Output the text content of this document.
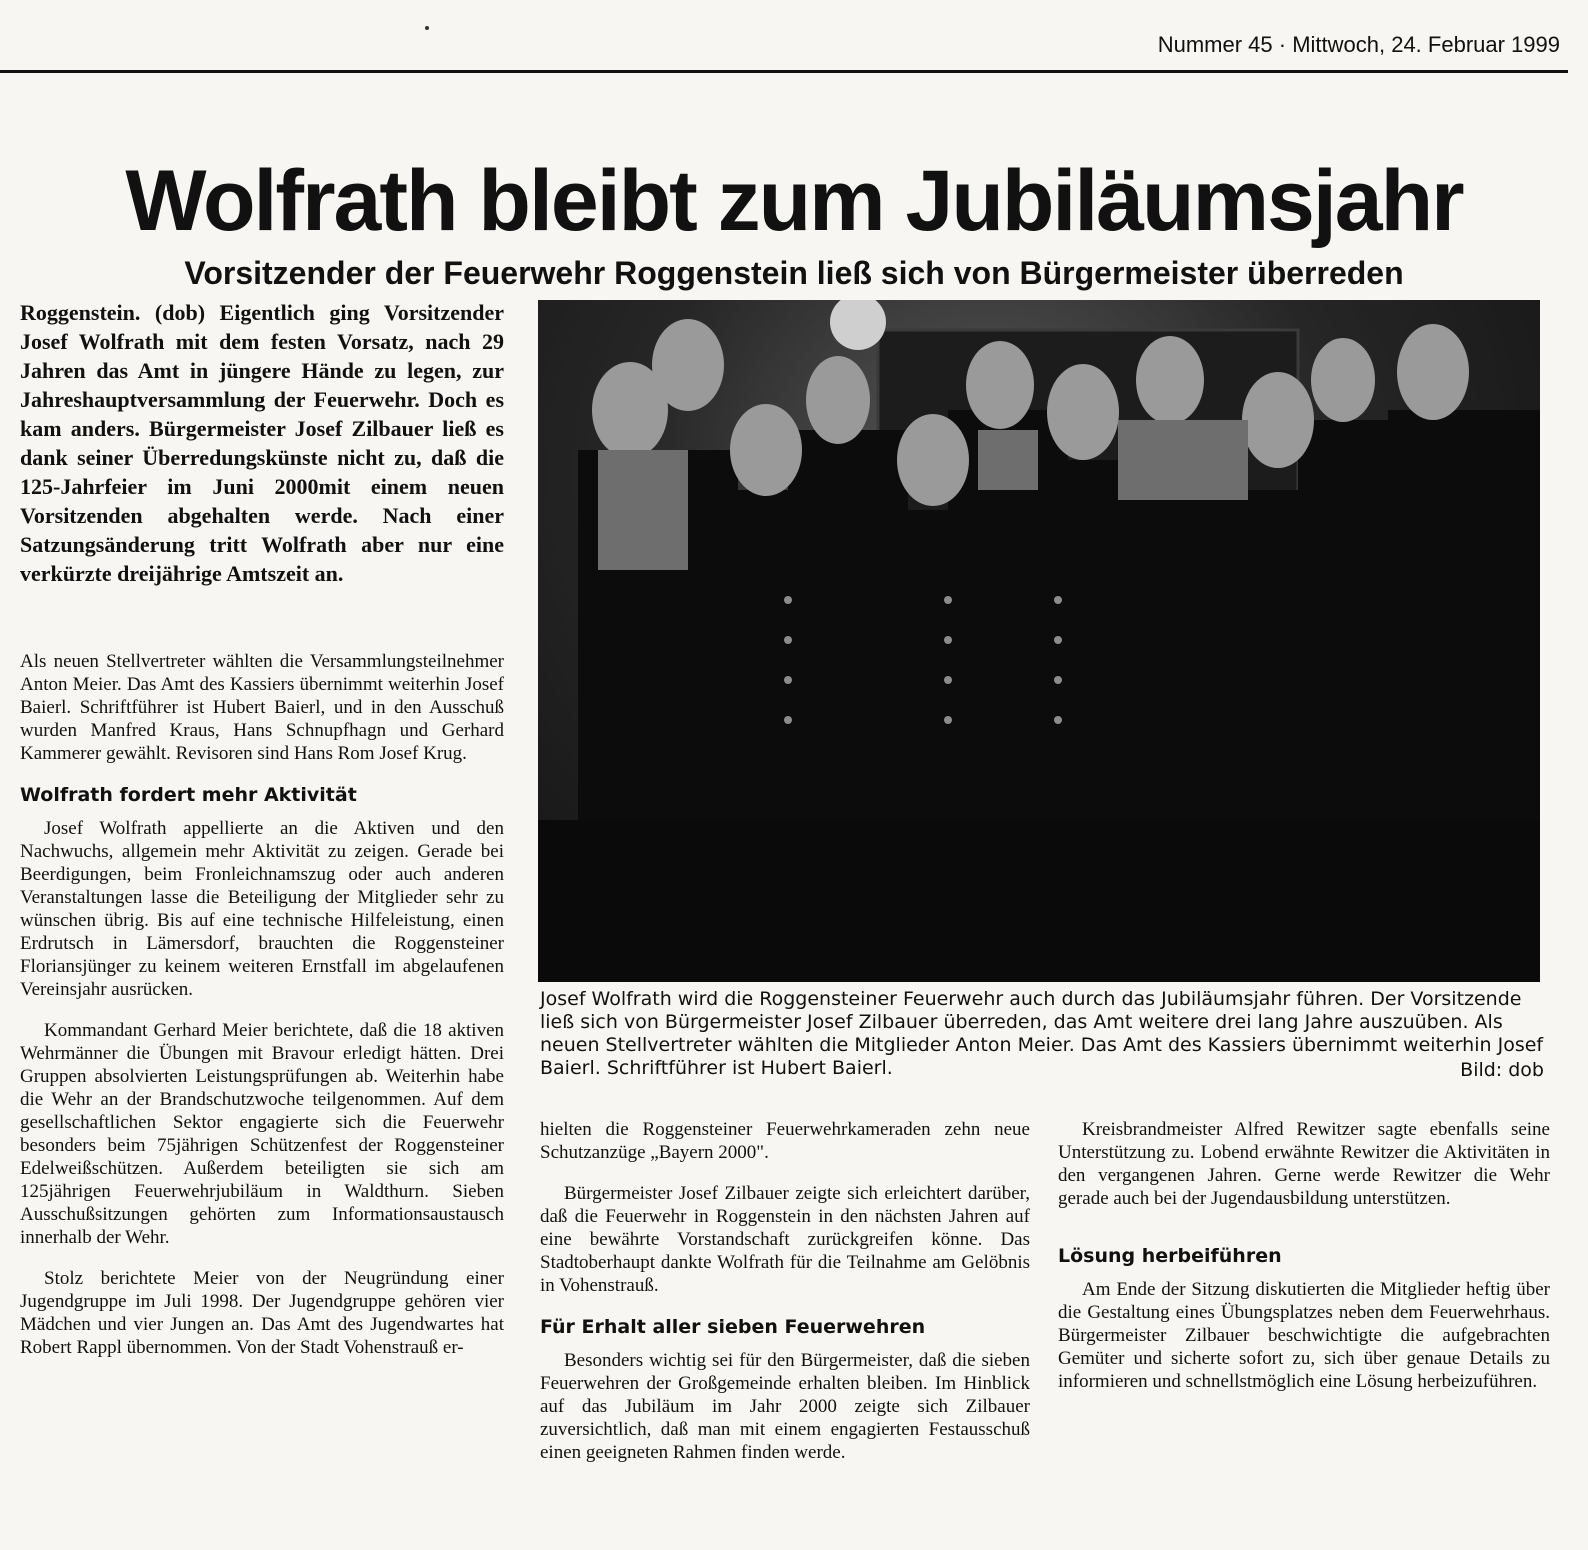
Nummer 45 · Mittwoch, 24. Februar 1999
Wolfrath bleibt zum Jubiläumsjahr
Vorsitzender der Feuerwehr Roggenstein ließ sich von Bürgermeister überreden

Roggenstein. (dob) Eigentlich ging Vorsitzender Josef Wolfrath mit dem festen Vorsatz, nach 29 Jahren das Amt in jüngere Hände zu legen, zur Jahreshauptversammlung der Feuerwehr. Doch es kam anders. Bürgermeister Josef Zilbauer ließ es dank seiner Überredungskünste nicht zu, daß die 125-Jahrfeier im Juni 2000mit einem neuen Vorsitzenden abgehalten werde. Nach einer Satzungsänderung tritt Wolfrath aber nur eine verkürzte dreijährige Amtszeit an.

Als neuen Stellvertreter wählten die Versammlungsteilnehmer Anton Meier. Das Amt des Kassiers übernimmt weiterhin Josef Baierl. Schriftführer ist Hubert Baierl, und in den Ausschuß wurden Manfred Kraus, Hans Schnupfhagn und Gerhard Kammerer gewählt. Revisoren sind Hans Rom Josef Krug.

Wolfrath fordert mehr Aktivität

Josef Wolfrath appellierte an die Aktiven und den Nachwuchs, allgemein mehr Aktivität zu zeigen. Gerade bei Beerdigungen, beim Fronleichnamszug oder auch anderen Veranstaltungen lasse die Beteiligung der Mitglieder sehr zu wünschen übrig. Bis auf eine technische Hilfeleistung, einen Erdrutsch in Lämersdorf, brauchten die Roggensteiner Floriansjünger zu keinem weiteren Ernstfall im abgelaufenen Vereinsjahr ausrücken.

Kommandant Gerhard Meier berichtete, daß die 18 aktiven Wehrmänner die Übungen mit Bravour erledigt hätten. Drei Gruppen absolvierten Leistungsprüfungen ab. Weiterhin habe die Wehr an der Brandschutzwoche teilgenommen. Auf dem gesellschaftlichen Sektor engagierte sich die Feuerwehr besonders beim 75jährigen Schützenfest der Roggensteiner Edelweißschützen. Außerdem beteiligten sie sich am 125jährigen Feuerwehrjubiläum in Waldthurn. Sieben Ausschußsitzungen gehörten zum Informationsaustausch innerhalb der Wehr.

Stolz berichtete Meier von der Neugründung einer Jugendgruppe im Juli 1998. Der Jugendgruppe gehören vier Mädchen und vier Jungen an. Das Amt des Jugendwartes hat Robert Rappl übernommen. Von der Stadt Vohenstrauß er-

Josef Wolfrath wird die Roggensteiner Feuerwehr auch durch das Jubiläumsjahr führen. Der Vorsitzende ließ sich von Bürgermeister Josef Zilbauer überreden, das Amt weitere drei lang Jahre auszuüben. Als neuen Stellvertreter wählten die Mitglieder Anton Meier. Das Amt des Kassiers übernimmt weiterhin Josef Baierl. Schriftführer ist Hubert Baierl.	Bild: dob

hielten die Roggensteiner Feuerwehrkameraden zehn neue Schutzanzüge „Bayern 2000".

Bürgermeister Josef Zilbauer zeigte sich erleichtert darüber, daß die Feuerwehr in Roggenstein in den nächsten Jahren auf eine bewährte Vorstandschaft zurückgreifen könne. Das Stadtoberhaupt dankte Wolfrath für die Teilnahme am Gelöbnis in Vohenstrauß.

Für Erhalt aller sieben Feuerwehren

Besonders wichtig sei für den Bürgermeister, daß die sieben Feuerwehren der Großgemeinde erhalten bleiben. Im Hinblick auf das Jubiläum im Jahr 2000 zeigte sich Zilbauer zuversichtlich, daß man mit einem engagierten Festausschuß einen geeigneten Rahmen finden werde.

Kreisbrandmeister Alfred Rewitzer sagte ebenfalls seine Unterstützung zu. Lobend erwähnte Rewitzer die Aktivitäten in den vergangenen Jahren. Gerne werde Rewitzer die Wehr gerade auch bei der Jugendausbildung unterstützen.

Lösung herbeiführen

Am Ende der Sitzung diskutierten die Mitglieder heftig über die Gestaltung eines Übungsplatzes neben dem Feuerwehrhaus. Bürgermeister Zilbauer beschwichtigte die aufgebrachten Gemüter und sicherte sofort zu, sich über genaue Details zu informieren und schnellstmöglich eine Lösung herbeizuführen.
